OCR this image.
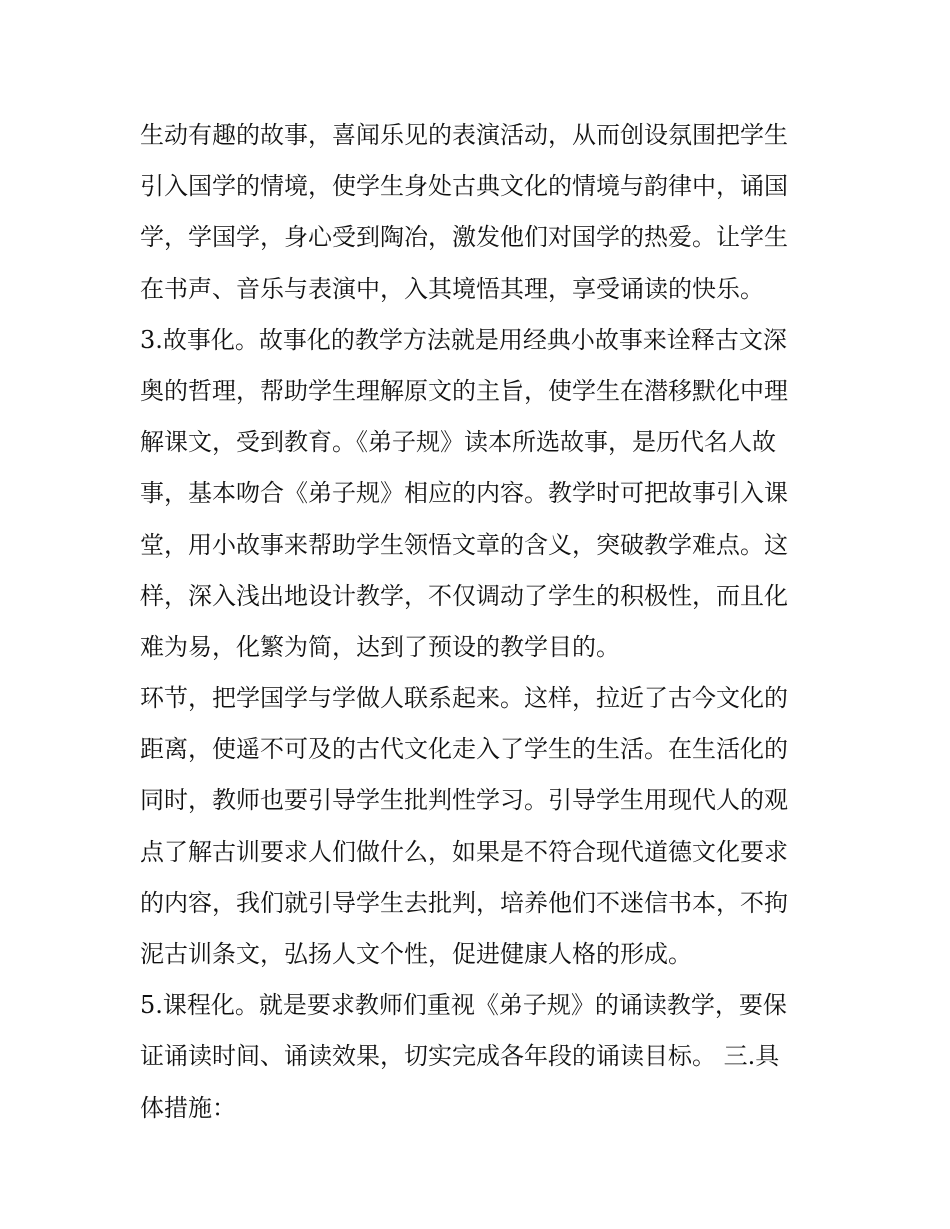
生动有趣的故事，喜闻乐见的表演活动，从而创设氛围把学生
引入国学的情境，使学生身处古典文化的情境与韵律中，诵国
学，学国学，身心受到陶冶，激发他们对国学的热爱。让学生
在书声、音乐与表演中，入其境悟其理，享受诵读的快乐。
3.故事化。故事化的教学方法就是用经典小故事来诠释古文深
奥的哲理，帮助学生理解原文的主旨，使学生在潜移默化中理
解课文，受到教育。《弟子规》读本所选故事，是历代名人故
事，基本吻合《弟子规》相应的内容。教学时可把故事引入课
堂，用小故事来帮助学生领悟文章的含义，突破教学难点。这
样，深入浅出地设计教学，不仅调动了学生的积极性，而且化
难为易，化繁为简，达到了预设的教学目的。
环节，把学国学与学做人联系起来。这样，拉近了古今文化的
距离，使遥不可及的古代文化走入了学生的生活。在生活化的
同时，教师也要引导学生批判性学习。引导学生用现代人的观
点了解古训要求人们做什么，如果是不符合现代道德文化要求
的内容，我们就引导学生去批判，培养他们不迷信书本，不拘
泥古训条文，弘扬人文个性，促进健康人格的形成。
5.课程化。就是要求教师们重视《弟子规》的诵读教学，要保
证诵读时间、诵读效果，切实完成各年段的诵读目标。 三.具
体措施：
